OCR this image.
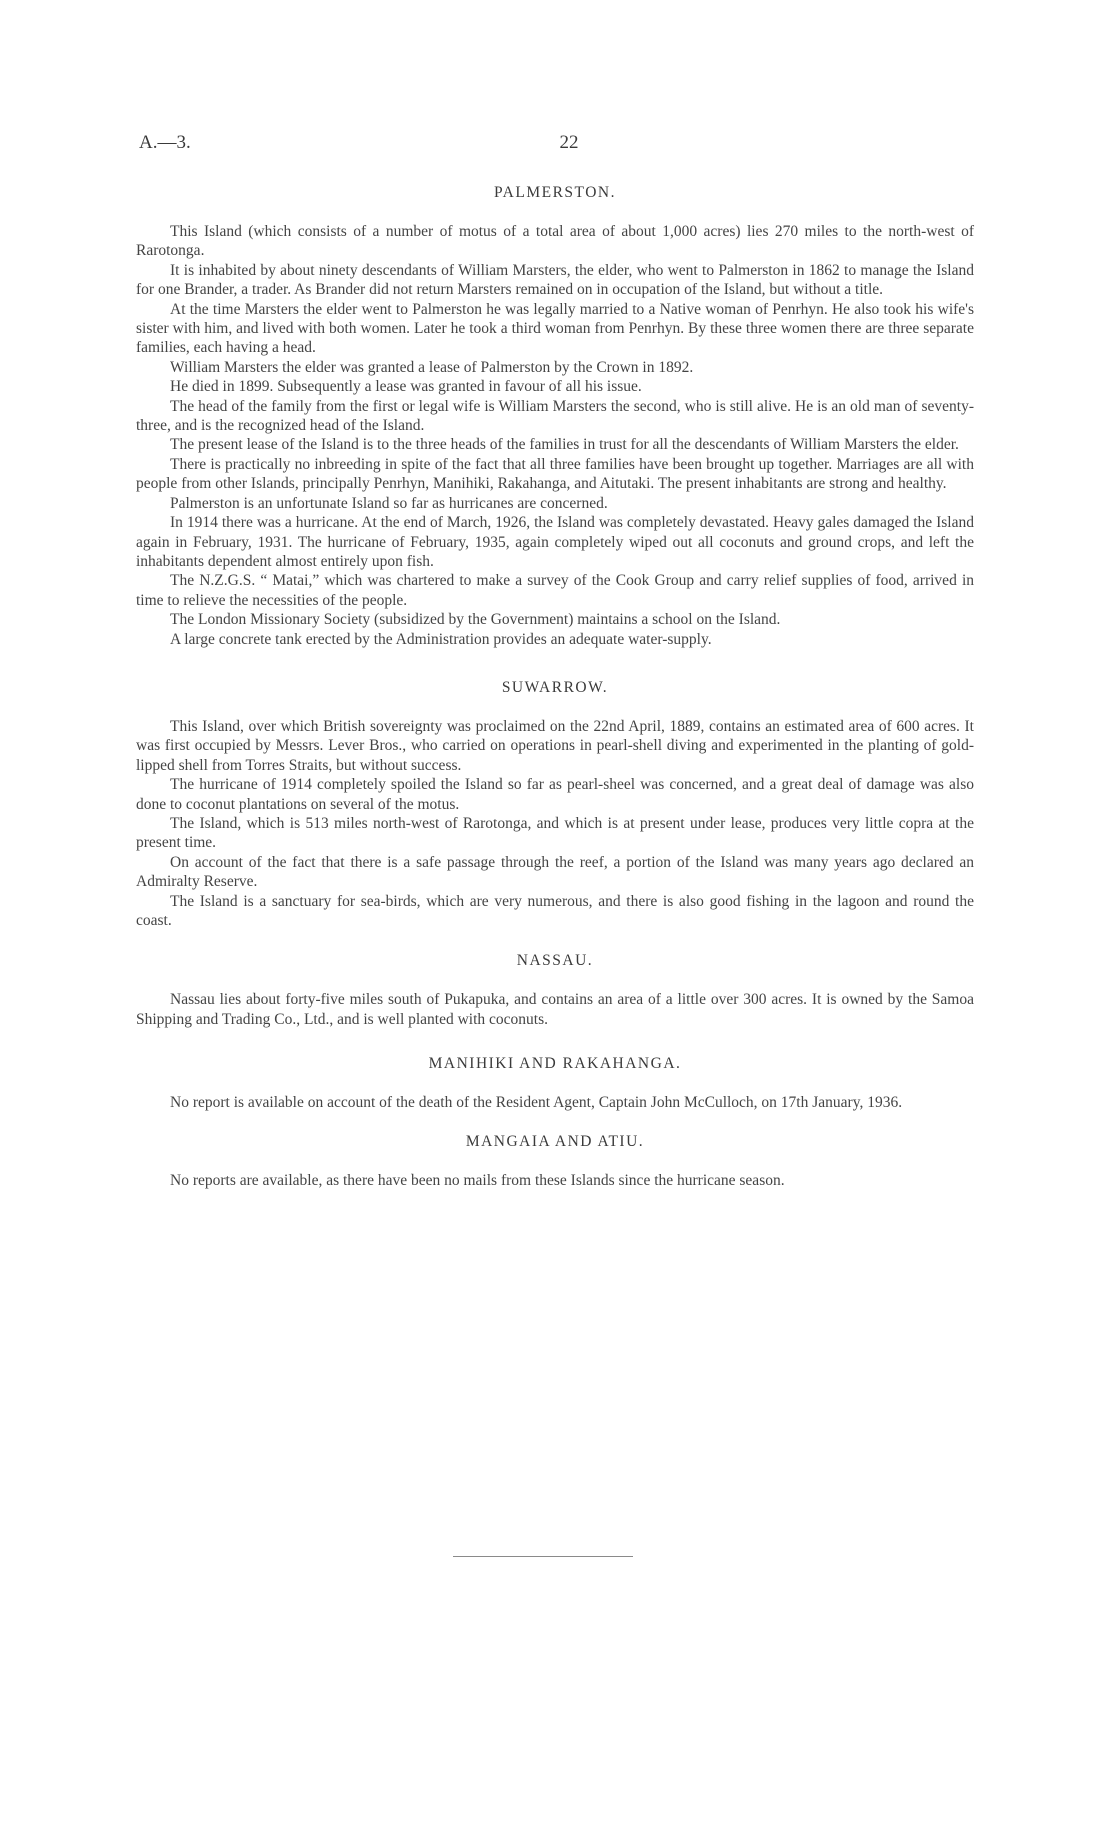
A.—3.	22
PALMERSTON.

This Island (which consists of a number of motus of a total area of about 1,000 acres) lies 270 miles to the north-west of Rarotonga.

It is inhabited by about ninety descendants of William Marsters, the elder, who went to Palmerston in 1862 to manage the Island for one Brander, a trader. As Brander did not return Marsters remained on in occupation of the Island, but without a title.

At the time Marsters the elder went to Palmerston he was legally married to a Native woman of Penrhyn. He also took his wife's sister with him, and lived with both women. Later he took a third woman from Penrhyn. By these three women there are three separate families, each having a head.

William Marsters the elder was granted a lease of Palmerston by the Crown in 1892.

He died in 1899. Subsequently a lease was granted in favour of all his issue.

The head of the family from the first or legal wife is William Marsters the second, who is still alive. He is an old man of seventy-three, and is the recognized head of the Island.

The present lease of the Island is to the three heads of the families in trust for all the descendants of William Marsters the elder.

There is practically no inbreeding in spite of the fact that all three families have been brought up together. Marriages are all with people from other Islands, principally Penrhyn, Manihiki, Rakahanga, and Aitutaki. The present inhabitants are strong and healthy.

Palmerston is an unfortunate Island so far as hurricanes are concerned.

In 1914 there was a hurricane. At the end of March, 1926, the Island was completely devastated. Heavy gales damaged the Island again in February, 1931. The hurricane of February, 1935, again completely wiped out all coconuts and ground crops, and left the inhabitants dependent almost entirely upon fish.

The N.Z.G.S. “ Matai,” which was chartered to make a survey of the Cook Group and carry relief supplies of food, arrived in time to relieve the necessities of the people.

The London Missionary Society (subsidized by the Government) maintains a school on the Island.

A large concrete tank erected by the Administration provides an adequate water-supply.

SUWARROW.

This Island, over which British sovereignty was proclaimed on the 22nd April, 1889, contains an estimated area of 600 acres. It was first occupied by Messrs. Lever Bros., who carried on operations in pearl-shell diving and experimented in the planting of gold-lipped shell from Torres Straits, but without success.

The hurricane of 1914 completely spoiled the Island so far as pearl-sheel was concerned, and a great deal of damage was also done to coconut plantations on several of the motus.

The Island, which is 513 miles north-west of Rarotonga, and which is at present under lease, produces very little copra at the present time.

On account of the fact that there is a safe passage through the reef, a portion of the Island was many years ago declared an Admiralty Reserve.

The Island is a sanctuary for sea-birds, which are very numerous, and there is also good fishing in the lagoon and round the coast.

NASSAU.

Nassau lies about forty-five miles south of Pukapuka, and contains an area of a little over 300 acres. It is owned by the Samoa Shipping and Trading Co., Ltd., and is well planted with coconuts.

MANIHIKI AND RAKAHANGA.

No report is available on account of the death of the Resident Agent, Captain John McCulloch, on 17th January, 1936.

MANGAIA AND ATIU.

No reports are available, as there have been no mails from these Islands since the hurricane season.
